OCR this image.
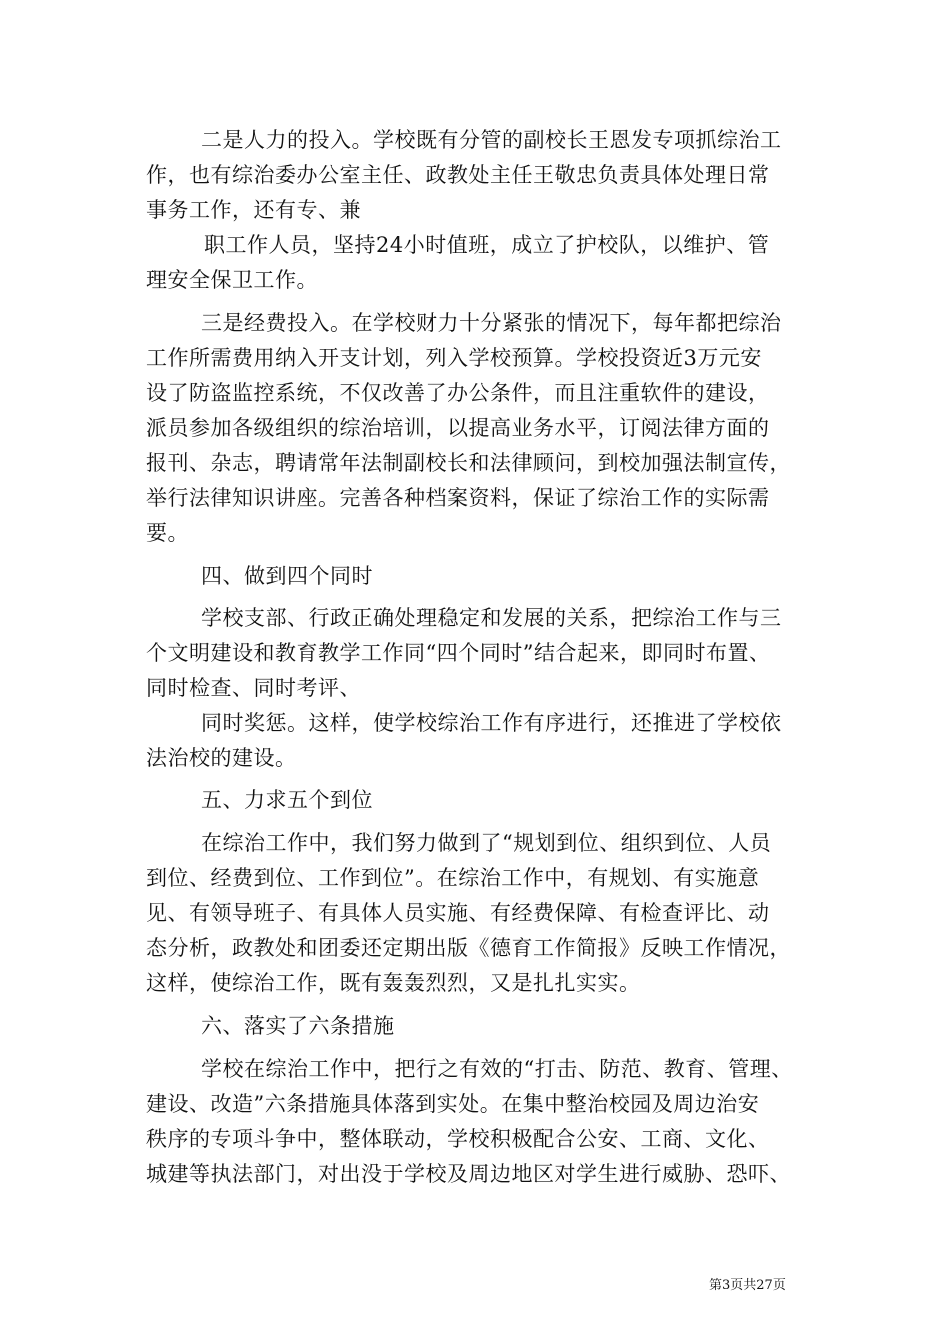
二是人力的投入。学校既有分管的副校长王恩发专项抓综治工
作，也有综治委办公室主任、政教处主任王敬忠负责具体处理日常
事务工作，还有专、兼
职工作人员，坚持24小时值班，成立了护校队，以维护、管
理安全保卫工作。
三是经费投入。在学校财力十分紧张的情况下，每年都把综治
工作所需费用纳入开支计划，列入学校预算。学校投资近3万元安
设了防盗监控系统，不仅改善了办公条件，而且注重软件的建设，
派员参加各级组织的综治培训，以提高业务水平，订阅法律方面的
报刊、杂志，聘请常年法制副校长和法律顾问，到校加强法制宣传，
举行法律知识讲座。完善各种档案资料，保证了综治工作的实际需
要。
四、做到四个同时
学校支部、行政正确处理稳定和发展的关系，把综治工作与三
个文明建设和教育教学工作同“四个同时”结合起来，即同时布置、
同时检查、同时考评、
同时奖惩。这样，使学校综治工作有序进行，还推进了学校依
法治校的建设。
五、力求五个到位
在综治工作中，我们努力做到了“规划到位、组织到位、人员
到位、经费到位、工作到位”。在综治工作中，有规划、有实施意
见、有领导班子、有具体人员实施、有经费保障、有检查评比、动
态分析，政教处和团委还定期出版《德育工作简报》反映工作情况，
这样，使综治工作，既有轰轰烈烈，又是扎扎实实。
六、落实了六条措施
学校在综治工作中，把行之有效的“打击、防范、教育、管理、
建设、改造”六条措施具体落到实处。在集中整治校园及周边治安
秩序的专项斗争中，整体联动，学校积极配合公安、工商、文化、
城建等执法部门，对出没于学校及周边地区对学生进行威胁、恐吓、
第3页共27页
